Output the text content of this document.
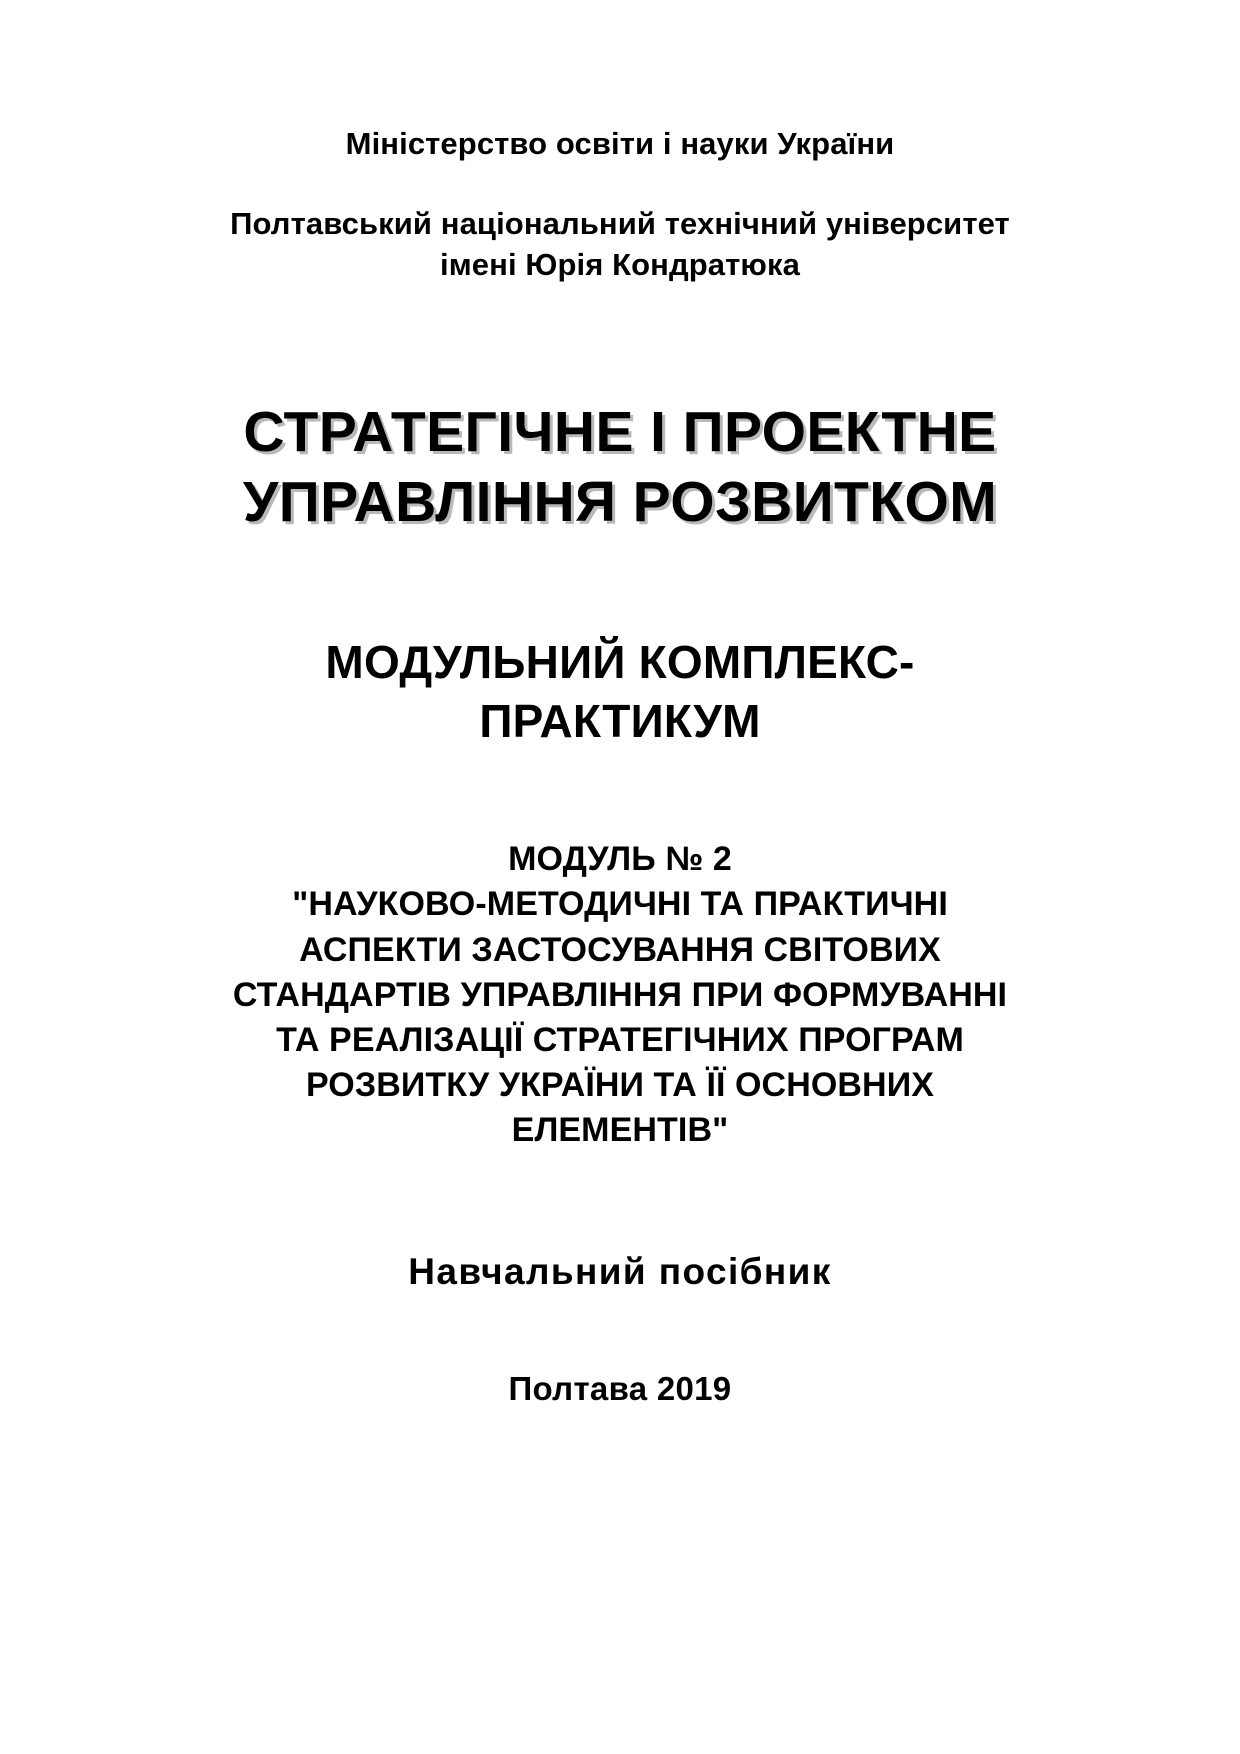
Міністерство освіти і науки України
Полтавський національний технічний університет
імені Юрія Кондратюка
СТРАТЕГІЧНЕ І ПРОЕКТНЕ
УПРАВЛІННЯ РОЗВИТКОМ
МОДУЛЬНИЙ КОМПЛЕКС-
ПРАКТИКУМ
МОДУЛЬ № 2
"НАУКОВО-МЕТОДИЧНІ ТА ПРАКТИЧНІ
АСПЕКТИ ЗАСТОСУВАННЯ СВІТОВИХ
СТАНДАРТІВ УПРАВЛІННЯ ПРИ ФОРМУВАННІ
ТА РЕАЛІЗАЦІЇ СТРАТЕГІЧНИХ ПРОГРАМ
РОЗВИТКУ УКРАЇНИ ТА ЇЇ ОСНОВНИХ
ЕЛЕМЕНТІВ"
Навчальний посібник
Полтава 2019
